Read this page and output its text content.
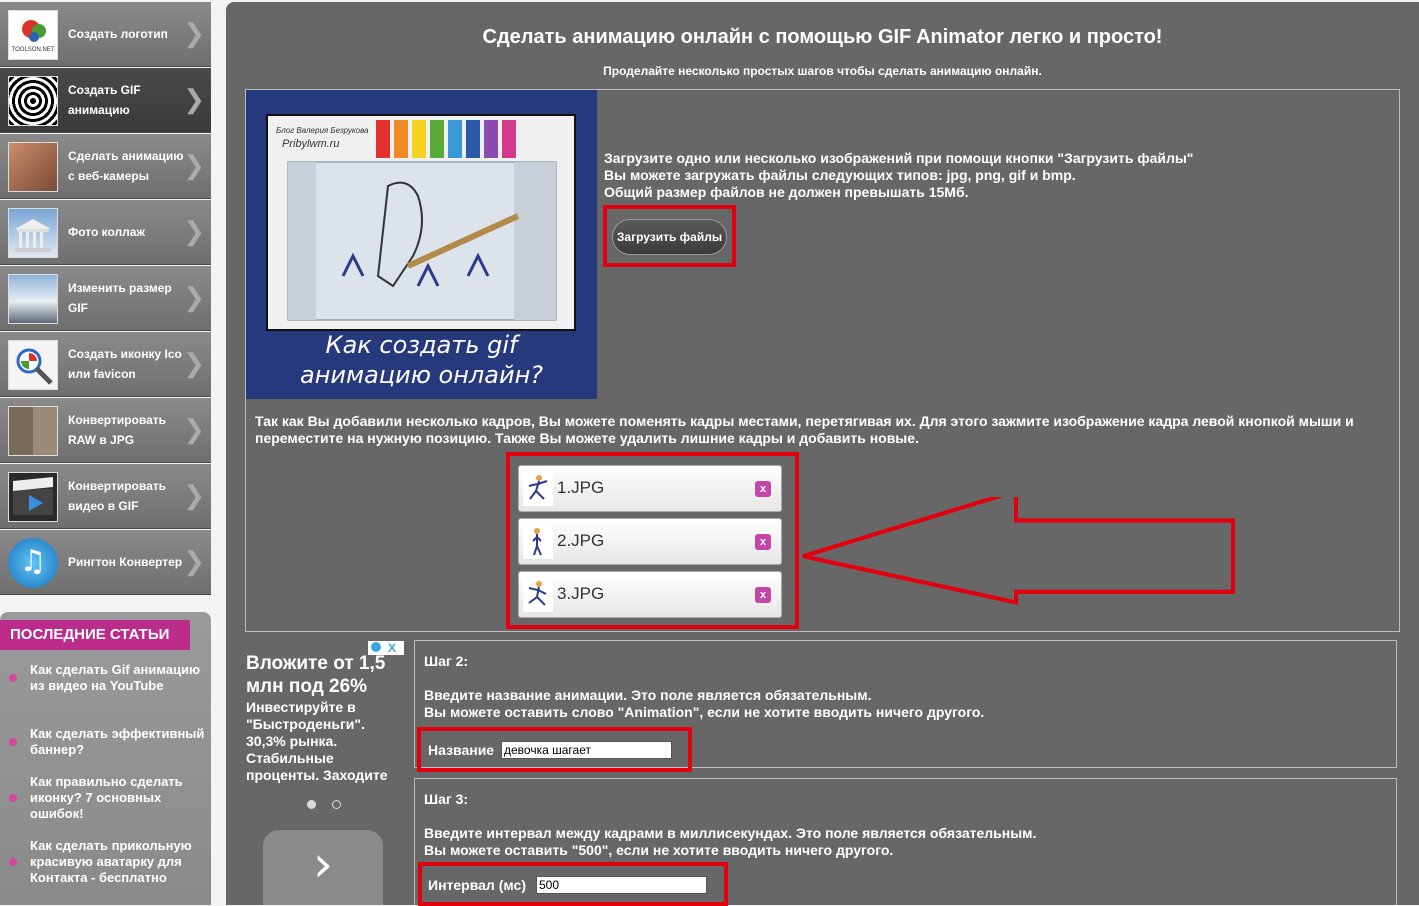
TOOLSON.NET
Создать логотип ❯
Создать GIF анимацию	❯
Сделать анимацию с веб-камеры	❯
Фото коллаж	❯
Изменить размер GIF	❯
Создать иконку Ico или favicon	❯
Конвертировать RAW в JPG	❯
Конвертировать видео в GIF	❯
♫	Рингтон Конвертер ❯
ПОСЛЕДНИЕ СТАТЬИ
Как сделать Gif анимацию из видео на YouTube
Как сделать эффективный баннер?
Как правильно сделать иконку? 7 основных ошибок!
Как сделать прикольную красивую аватарку для Контакта - бесплатно
Сделать анимацию онлайн с помощью GIF Animator легко и просто!
Проделайте несколько простых шагов чтобы сделать анимацию онлайн.
Блог Валерия Безрукова
Pribylwm.ru
Как создать gif
анимацию онлайн?
Загрузите одно или несколько изображений при помощи кнопки "Загрузить файлы"
Вы можете загружать файлы следующих типов: jpg, png, gif и bmp.
Общий размер файлов не должен превышать 15Мб.
Загрузить файлы
Так как Вы добавили несколько кадров, Вы можете поменять кадры местами, перетягивая их. Для этого зажмите изображение кадра левой кнопкой мыши и переместите на нужную позицию. Также Вы можете удалить лишние кадры и добавить новые.
1.JPG	x
2.JPG	x
3.JPG	x
X
Вложите от 1,5 млн под 26%
Инвестируйте в "Быстроденьги". 30,3% рынка. Стабильные проценты. Заходите
›
Шаг 2:
Введите название анимации. Это поле является обязательным.
Вы можете оставить слово "Animation", если не хотите вводить ничего другого.
Название
девочка шагает
Шаг 3:
Введите интервал между кадрами в миллисекундах. Это поле является обязательным.
Вы можете оставить "500", если не хотите вводить ничего другого.
Интервал (мс)
500
